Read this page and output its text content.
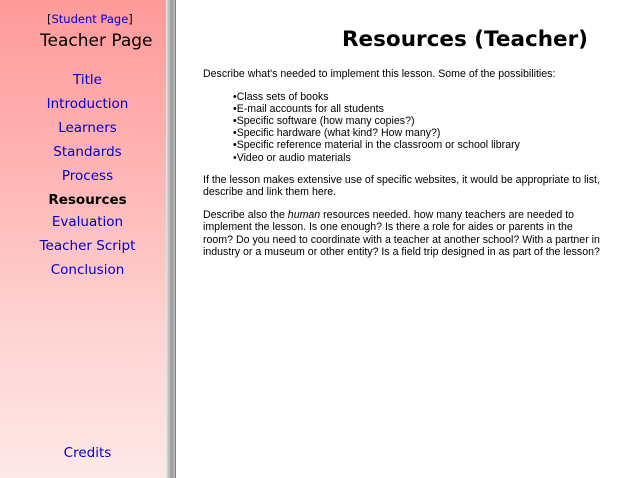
[Student Page]
Teacher Page
Title
Introduction
Learners
Standards
Process
Resources
Evaluation
Teacher Script
Conclusion
Credits
Resources (Teacher)

Describe what's needed to implement this lesson. Some of the possibilities:

•Class sets of books
•E-mail accounts for all students
•Specific software (how many copies?)
•Specific hardware (what kind? How many?)
•Specific reference material in the classroom or school library
•Video or audio materials

If the lesson makes extensive use of specific websites, it would be appropriate to list, describe and link them here.

Describe also the human resources needed. how many teachers are needed to implement the lesson. Is one enough? Is there a role for aides or parents in the room? Do you need to coordinate with a teacher at another school? With a partner in industry or a museum or other entity? Is a field trip designed in as part of the lesson?
